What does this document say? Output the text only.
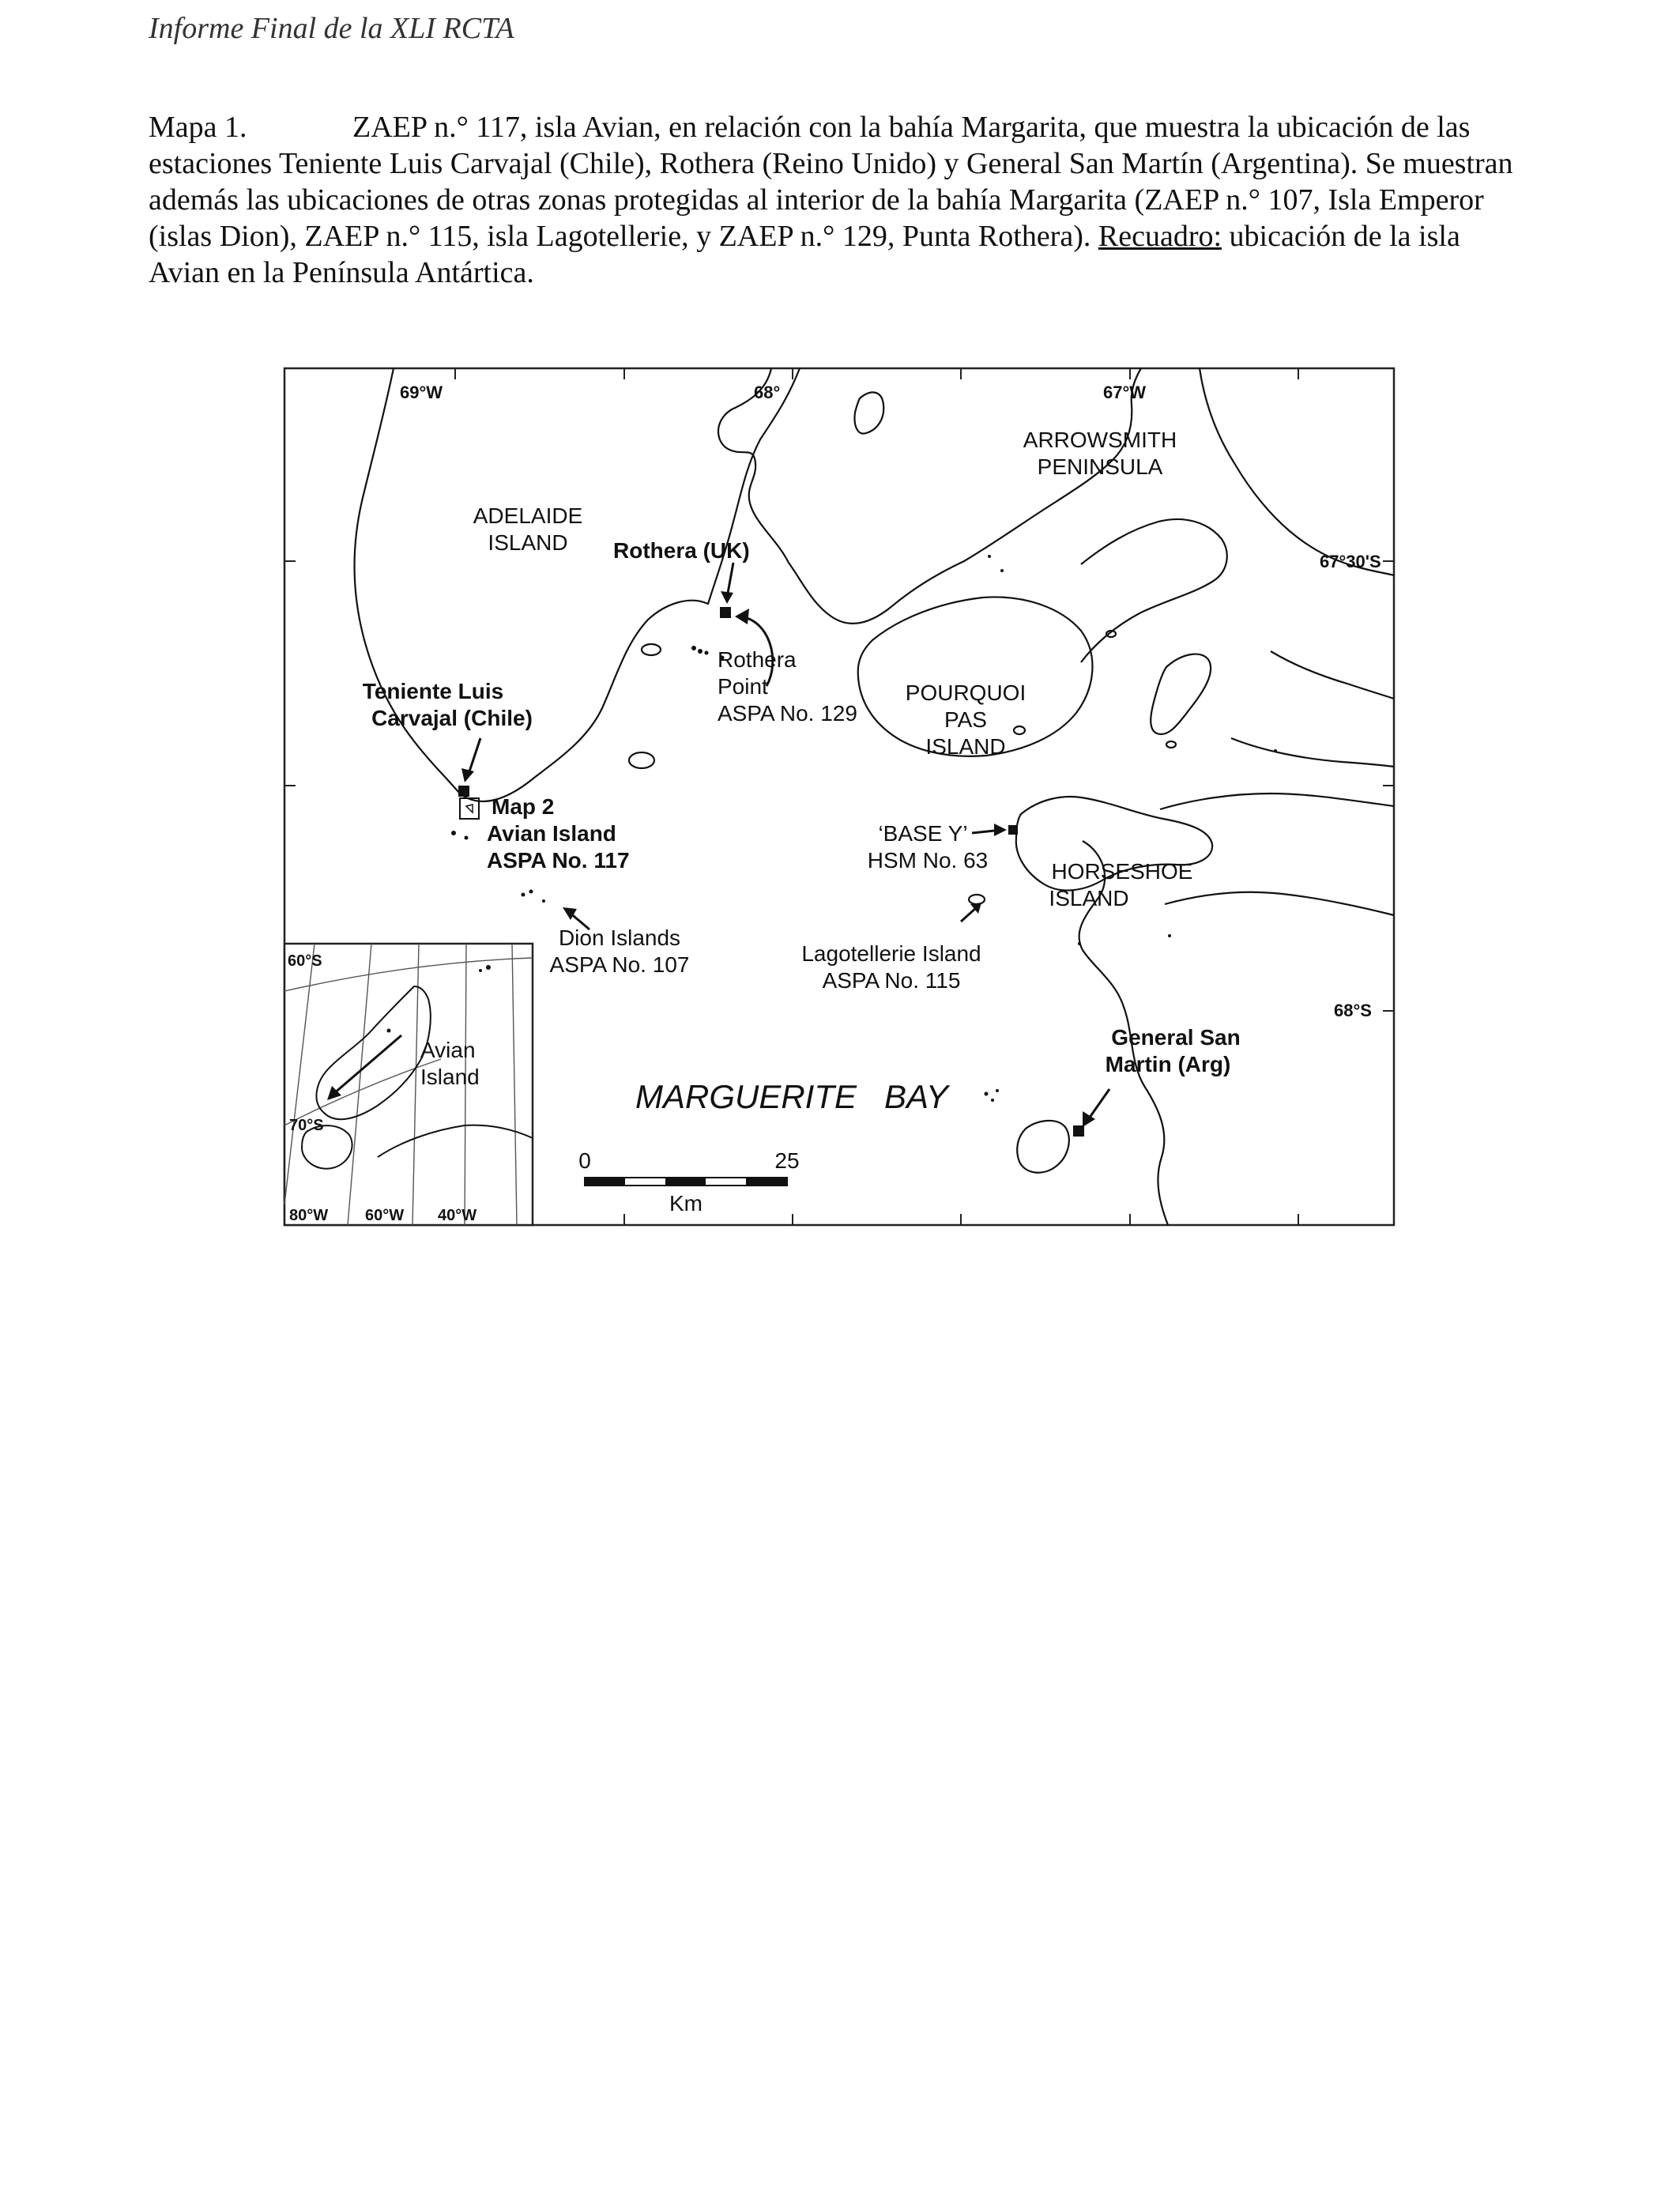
Informe Final de la XLI RCTA
Mapa 1.	ZAEP n.° 117, isla Avian, en relación con la bahía Margarita, que muestra la ubicación de las estaciones Teniente Luis Carvajal (Chile), Rothera (Reino Unido) y General San Martín (Argentina). Se muestran además las ubicaciones de otras zonas protegidas al interior de la bahía Margarita (ZAEP n.° 107, Isla Emperor (islas Dion), ZAEP n.° 115, isla Lagotellerie, y ZAEP n.° 129, Punta Rothera). Recuadro: ubicación de la isla Avian en la Península Antártica.
69°W	68°	67°W
67°30'S
68°S
ADELAIDE
ISLAND
ARROWSMITH
PENINSULA
POURQUOI
PAS
ISLAND
HORSESHOE
ISLAND
MARGUERITE   BAY
Rothera (UK)
Teniente Luis
Carvajal (Chile)
General San
Martin (Arg)
Map 2
Avian Island
ASPA No. 117
Rothera
Point
ASPA No. 129
‘BASE Y’
HSM No. 63
Dion Islands
ASPA No. 107	Lagotellerie Island
ASPA No. 115
0	25
Km
60°S
70°S
80°W 60°W 40°W
Avian
Island
